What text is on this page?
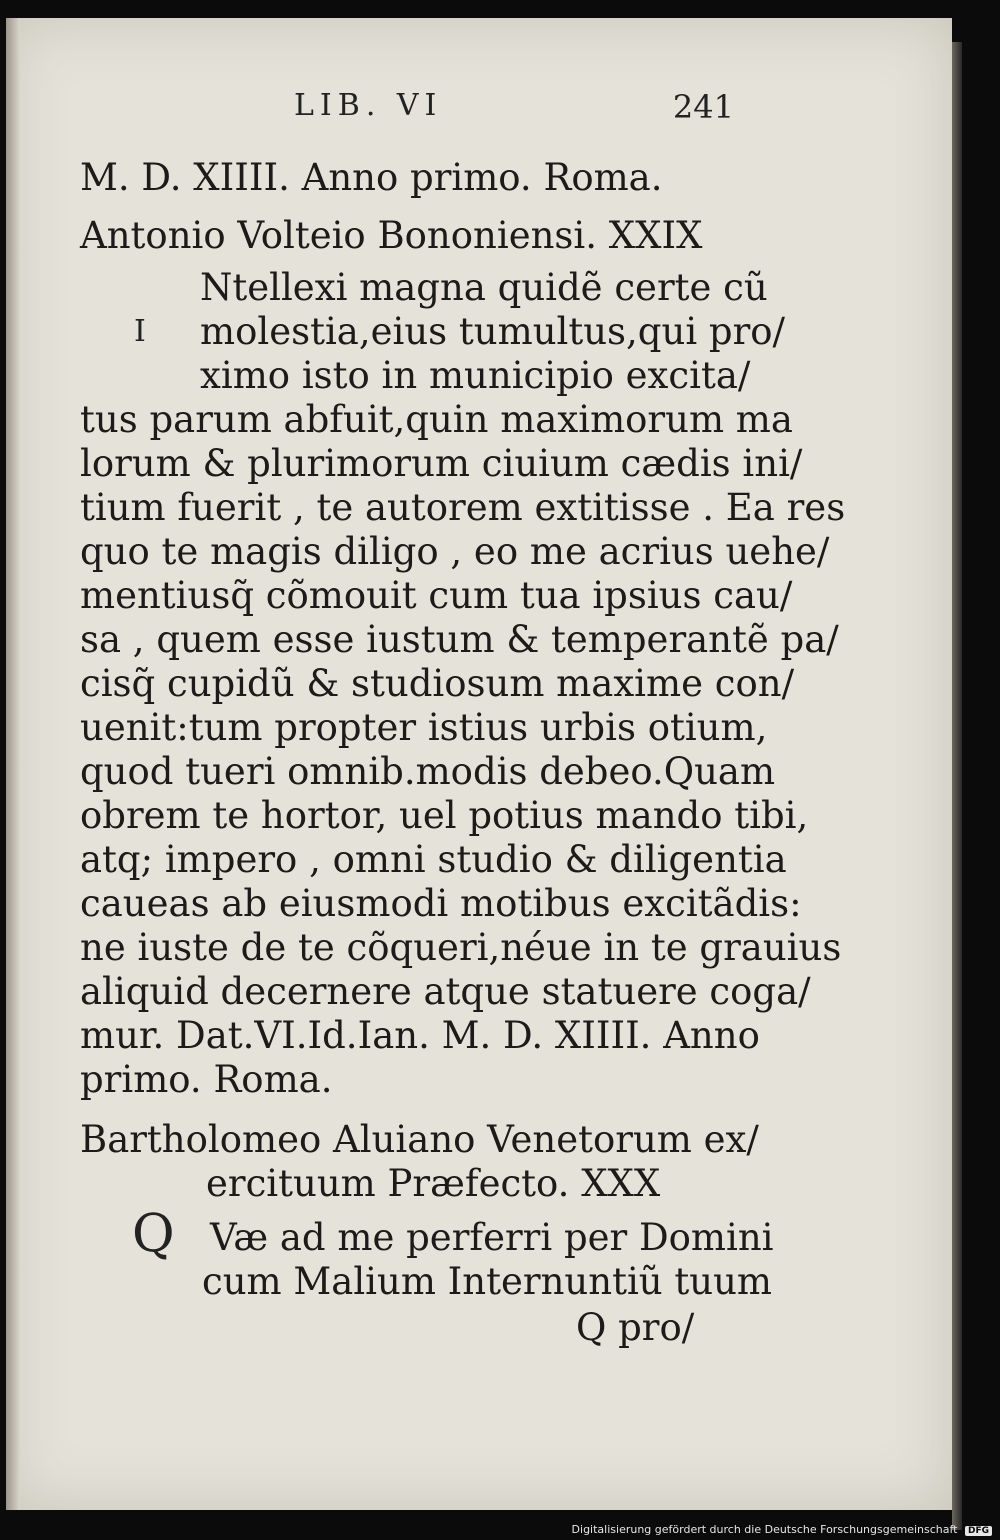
LIB. VI	241
M. D. XIIII. Anno primo. Roma.
Antonio Volteio Bononiensi. XXIX
Ntellexi magna quidẽ certe cũ
I molestia,eius tumultus,qui pro/
ximo isto in municipio excita/
tus parum abfuit,quin maximorum ma
lorum & plurimorum ciuium cædis ini/
tium fuerit , te autorem extitisse . Ea res
quo te magis diligo , eo me acrius uehe/
mentiusq̃ cõmouit cum tua ipsius cau/
sa , quem esse iustum & temperantẽ pa/
cisq̃ cupidũ & studiosum maxime con/
uenit:tum propter istius urbis otium,
quod tueri omnib.modis debeo.Quam
obrem te hortor, uel potius mando tibi,
atq; impero , omni studio & diligentia
caueas ab eiusmodi motibus excitãdis:
ne iuste de te cõqueri,néue in te grauius
aliquid decernere atque statuere coga/
mur. Dat.VI.Id.Ian. M. D. XIIII. Anno
primo. Roma.
Bartholomeo Aluiano Venetorum ex/
ercituum Præfecto. XXX
Q Væ ad me perferri per Domini
cum Malium Internuntiũ tuum
Q pro/
Digitalisierung gefördert durch die Deutsche Forschungsgemeinschaft DFG
